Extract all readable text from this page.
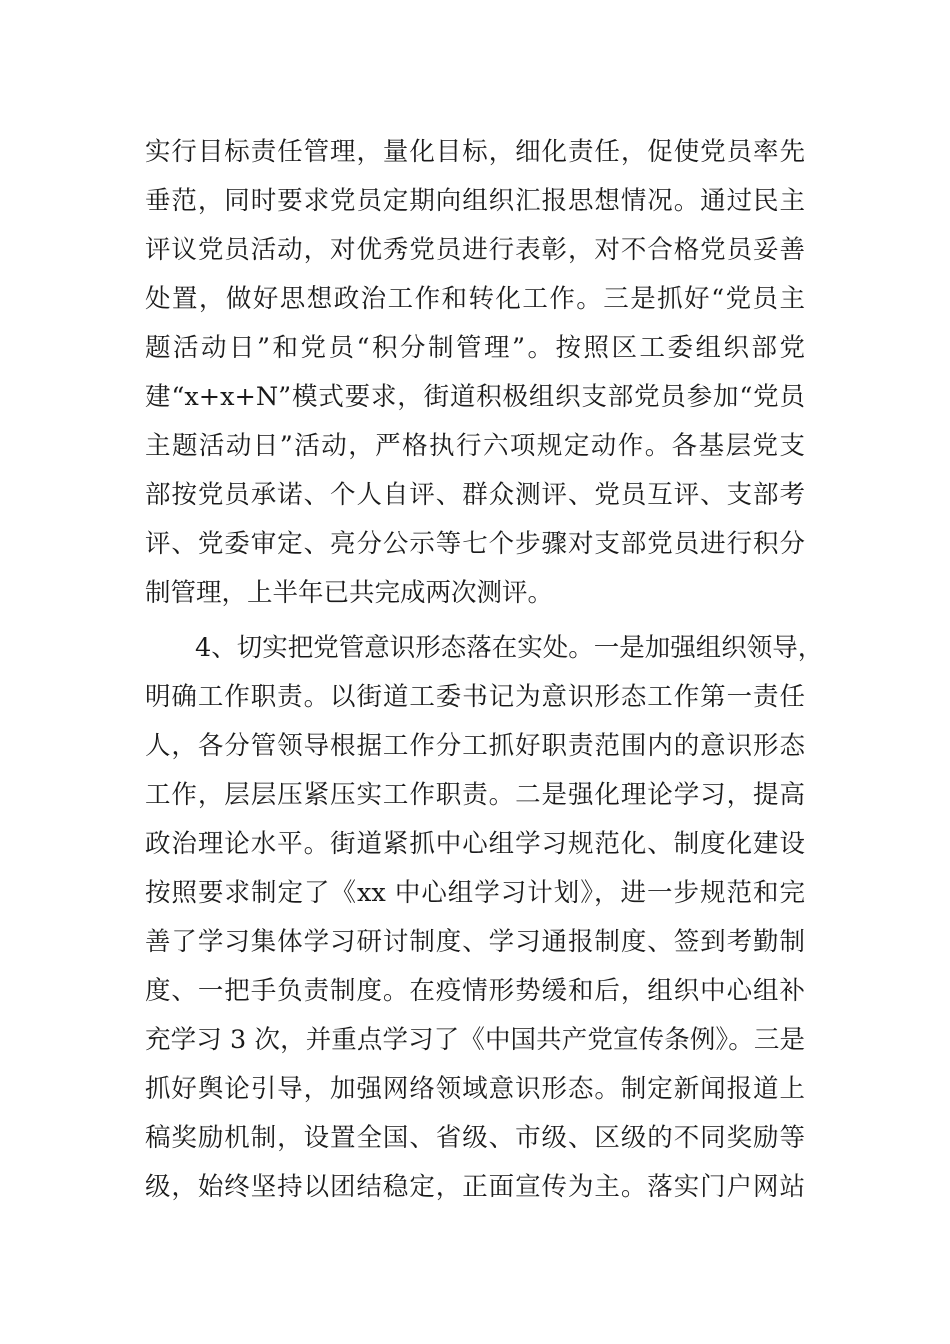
实行目标责任管理，量化目标，细化责任，促使党员率先
垂范，同时要求党员定期向组织汇报思想情况。通过民主
评议党员活动，对优秀党员进行表彰，对不合格党员妥善
处置，做好思想政治工作和转化工作。三是抓好“党员主
题活动日”和党员“积分制管理”。按照区工委组织部党
建“x+x+N”模式要求，街道积极组织支部党员参加“党员
主题活动日”活动，严格执行六项规定动作。各基层党支
部按党员承诺、个人自评、群众测评、党员互评、支部考
评、党委审定、亮分公示等七个步骤对支部党员进行积分
制管理，上半年已共完成两次测评。
4、切实把党管意识形态落在实处。一是加强组织领导，
明确工作职责。以街道工委书记为意识形态工作第一责任
人，各分管领导根据工作分工抓好职责范围内的意识形态
工作，层层压紧压实工作职责。二是强化理论学习，提高
政治理论水平。街道紧抓中心组学习规范化、制度化建设
按照要求制定了《xx 中心组学习计划》，进一步规范和完
善了学习集体学习研讨制度、学习通报制度、签到考勤制
度、一把手负责制度。在疫情形势缓和后，组织中心组补
充学习 3 次，并重点学习了《中国共产党宣传条例》。三是
抓好舆论引导，加强网络领域意识形态。制定新闻报道上
稿奖励机制，设置全国、省级、市级、区级的不同奖励等
级，始终坚持以团结稳定，正面宣传为主。落实门户网站
